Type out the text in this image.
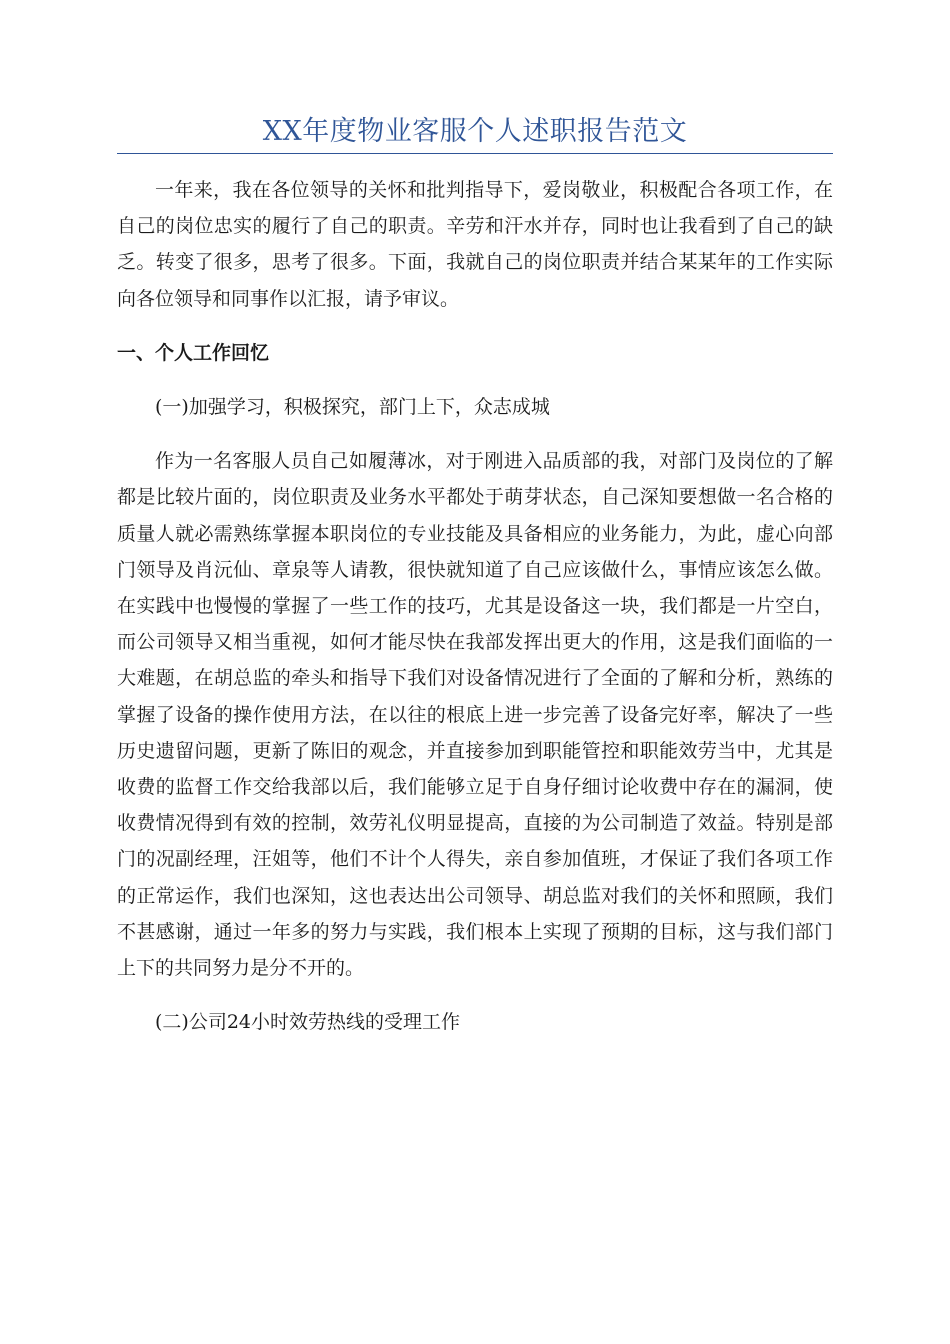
XX年度物业客服个人述职报告范文

一年来，我在各位领导的关怀和批判指导下，爱岗敬业，积极配合各项工作，在自己的岗位忠实的履行了自己的职责。辛劳和汗水并存，同时也让我看到了自己的缺乏。转变了很多，思考了很多。下面，我就自己的岗位职责并结合某某年的工作实际向各位领导和同事作以汇报，请予审议。

一、个人工作回忆

(一)加强学习，积极探究，部门上下，众志成城

作为一名客服人员自己如履薄冰，对于刚进入品质部的我，对部门及岗位的了解都是比较片面的，岗位职责及业务水平都处于萌芽状态，自己深知要想做一名合格的质量人就必需熟练掌握本职岗位的专业技能及具备相应的业务能力，为此，虚心向部门领导及肖沅仙、章泉等人请教，很快就知道了自己应该做什么，事情应该怎么做。在实践中也慢慢的掌握了一些工作的技巧，尤其是设备这一块，我们都是一片空白，而公司领导又相当重视，如何才能尽快在我部发挥出更大的作用，这是我们面临的一大难题，在胡总监的牵头和指导下我们对设备情况进行了全面的了解和分析，熟练的掌握了设备的操作使用方法，在以往的根底上进一步完善了设备完好率，解决了一些历史遗留问题，更新了陈旧的观念，并直接参加到职能管控和职能效劳当中，尤其是收费的监督工作交给我部以后，我们能够立足于自身仔细讨论收费中存在的漏洞，使收费情况得到有效的控制，效劳礼仪明显提高，直接的为公司制造了效益。特别是部门的况副经理，汪姐等，他们不计个人得失，亲自参加值班，才保证了我们各项工作的正常运作，我们也深知，这也表达出公司领导、胡总监对我们的关怀和照顾，我们不甚感谢，通过一年多的努力与实践，我们根本上实现了预期的目标，这与我们部门上下的共同努力是分不开的。

(二)公司24小时效劳热线的受理工作
